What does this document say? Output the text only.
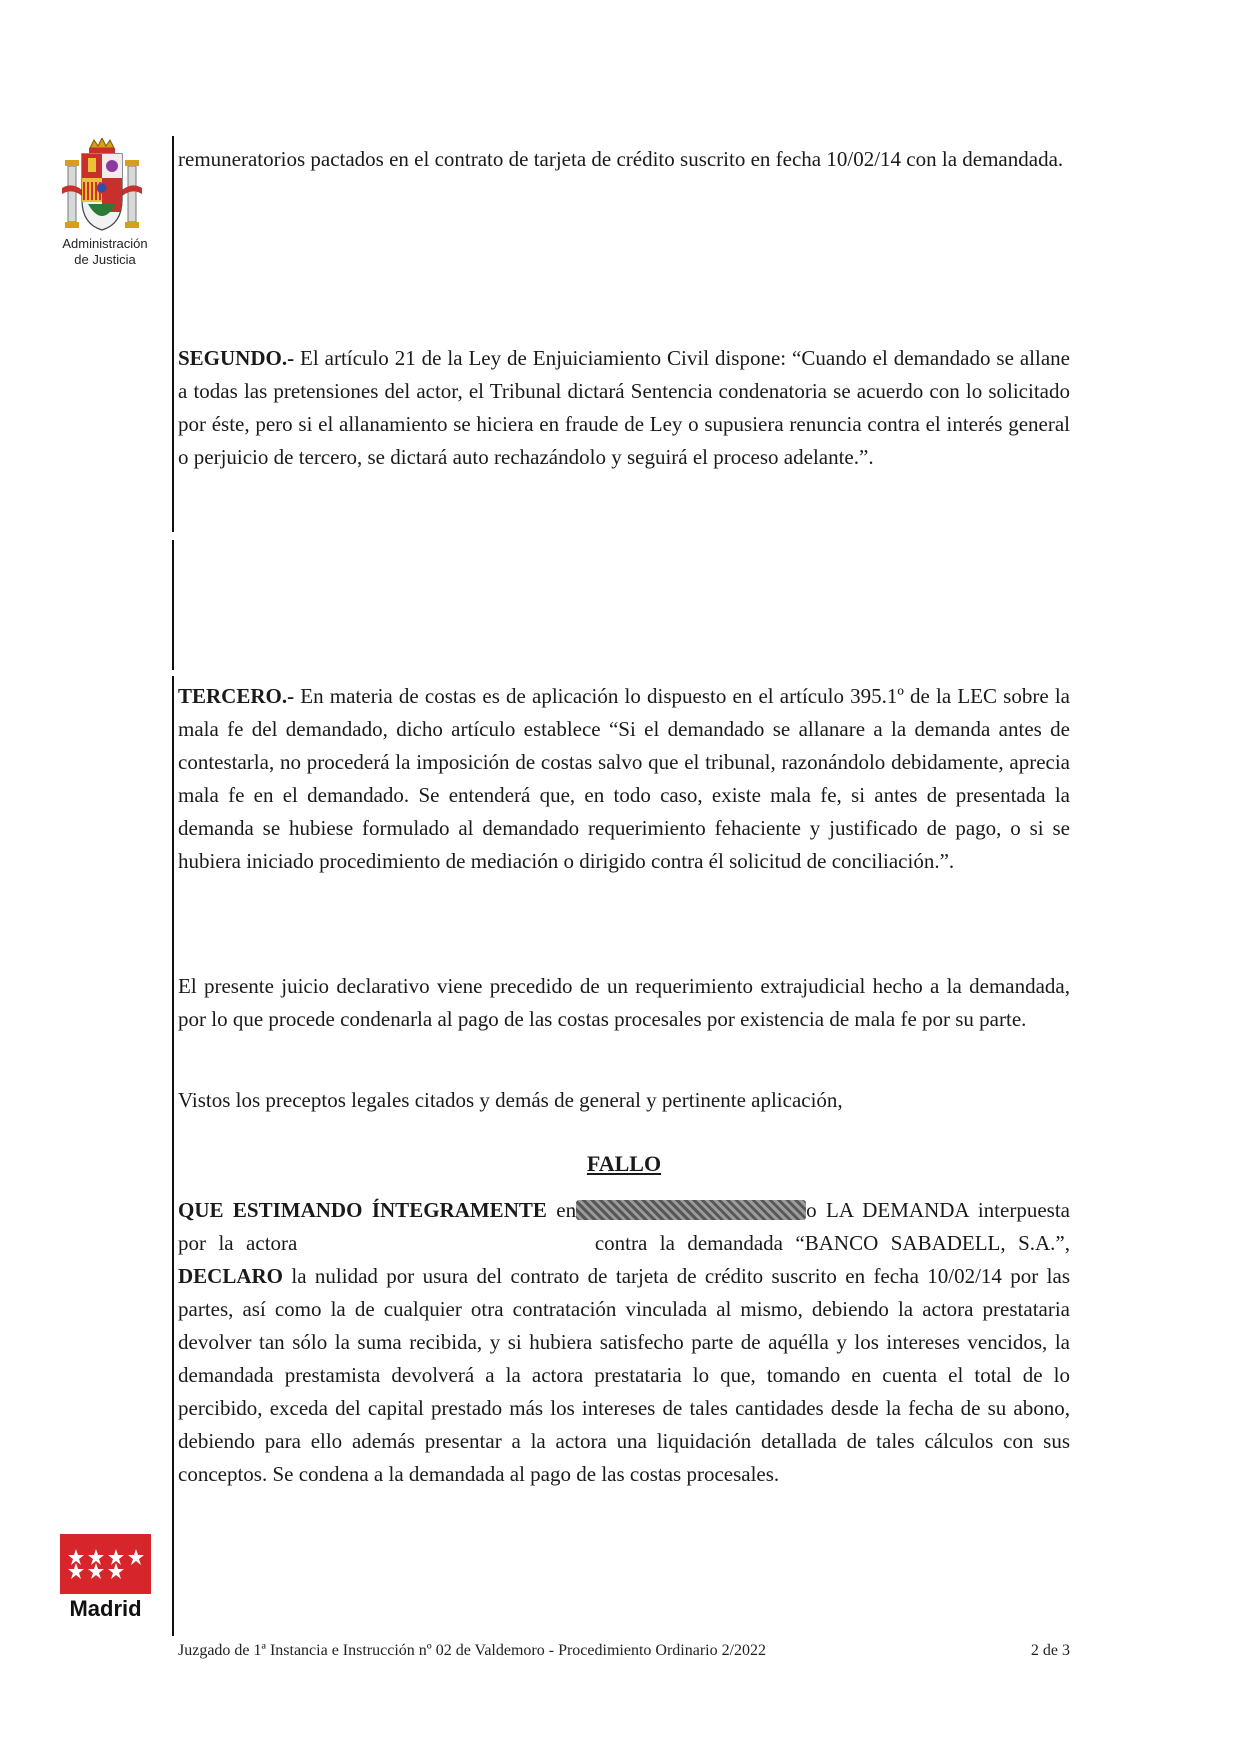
Administración
de Justicia

remuneratorios pactados en el contrato de tarjeta de crédito suscrito en fecha 10/02/14 con la demandada.

SEGUNDO.- El artículo 21 de la Ley de Enjuiciamiento Civil dispone: “Cuando el demandado se allane a todas las pretensiones del actor, el Tribunal dictará Sentencia condenatoria se acuerdo con lo solicitado por éste, pero si el allanamiento se hiciera en fraude de Ley o supusiera renuncia contra el interés general o perjuicio de tercero, se dictará auto rechazándolo y seguirá el proceso adelante.”.

TERCERO.- En materia de costas es de aplicación lo dispuesto en el artículo 395.1º de la LEC sobre la mala fe del demandado, dicho artículo establece “Si el demandado se allanare a la demanda antes de contestarla, no procederá la imposición de costas salvo que el tribunal, razonándolo debidamente, aprecia mala fe en el demandado. Se entenderá que, en todo caso, existe mala fe, si antes de presentada la demanda se hubiese formulado al demandado requerimiento fehaciente y justificado de pago, o si se hubiera iniciado procedimiento de mediación o dirigido contra él solicitud de conciliación.”.

El presente juicio declarativo viene precedido de un requerimiento extrajudicial hecho a la demandada, por lo que procede condenarla al pago de las costas procesales por existencia de mala fe por su parte.

Vistos los preceptos legales citados y demás de general y pertinente aplicación,

FALLO

QUE ESTIMANDO ÍNTEGRAMENTE en	o LA DEMANDA interpuesta por la actora	contra la demandada “BANCO SABADELL, S.A.”, DECLARO la nulidad por usura del contrato de tarjeta de crédito suscrito en fecha 10/02/14 por las partes, así como la de cualquier otra contratación vinculada al mismo, debiendo la actora prestataria devolver tan sólo la suma recibida, y si hubiera satisfecho parte de aquélla y los intereses vencidos, la demandada prestamista devolverá a la actora prestataria lo que, tomando en cuenta el total de lo percibido, exceda del capital prestado más los intereses de tales cantidades desde la fecha de su abono, debiendo para ello además presentar a la actora una liquidación detallada de tales cálculos con sus conceptos. Se condena a la demandada al pago de las costas procesales.

Madrid
Juzgado de 1ª Instancia e Instrucción nº 02 de Valdemoro - Procedimiento Ordinario 2/2022	2 de 3
